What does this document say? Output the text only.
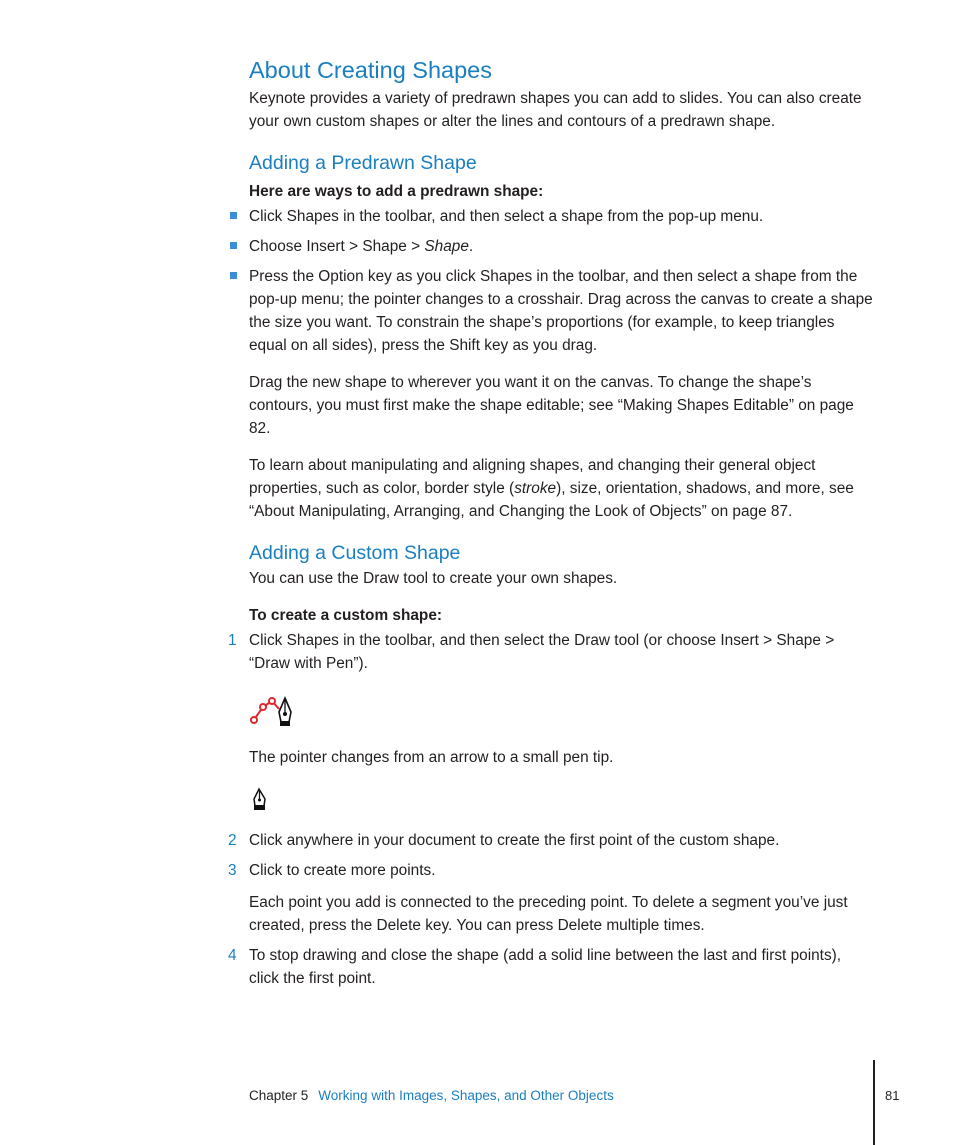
About Creating Shapes
Keynote provides a variety of predrawn shapes you can add to slides. You can also create your own custom shapes or alter the lines and contours of a predrawn shape.
Adding a Predrawn Shape
Here are ways to add a predrawn shape:
Click Shapes in the toolbar, and then select a shape from the pop-up menu.
Choose Insert > Shape > Shape.
Press the Option key as you click Shapes in the toolbar, and then select a shape from the pop-up menu; the pointer changes to a crosshair. Drag across the canvas to create a shape the size you want. To constrain the shape’s proportions (for example, to keep triangles equal on all sides), press the Shift key as you drag.
Drag the new shape to wherever you want it on the canvas. To change the shape’s contours, you must first make the shape editable; see “Making Shapes Editable” on page 82.
To learn about manipulating and aligning shapes, and changing their general object properties, such as color, border style (stroke), size, orientation, shadows, and more, see “About Manipulating, Arranging, and Changing the Look of Objects” on page 87.
Adding a Custom Shape
You can use the Draw tool to create your own shapes.
To create a custom shape:
1 Click Shapes in the toolbar, and then select the Draw tool (or choose Insert > Shape > “Draw with Pen”).
The pointer changes from an arrow to a small pen tip.
2 Click anywhere in your document to create the first point of the custom shape.
3 Click to create more points.
Each point you add is connected to the preceding point. To delete a segment you’ve just created, press the Delete key. You can press Delete multiple times.
4 To stop drawing and close the shape (add a solid line between the last and first points), click the first point.
Chapter 5 Working with Images, Shapes, and Other Objects	81
